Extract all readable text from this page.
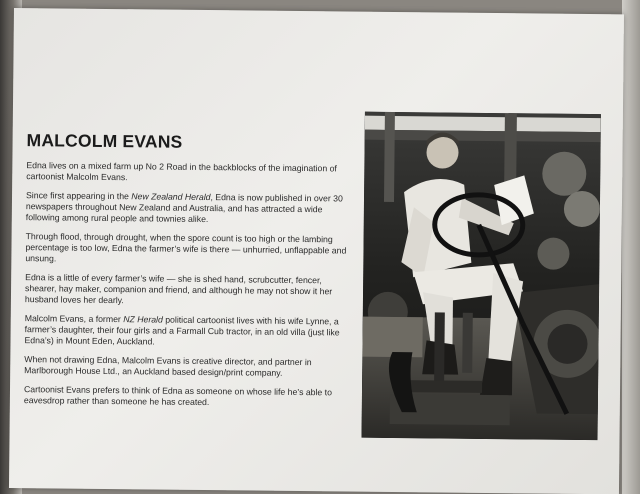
MALCOLM EVANS

Edna lives on a mixed farm up No 2 Road in the backblocks of the imagination of cartoonist Malcolm Evans.

Since first appearing in the New Zealand Herald, Edna is now published in over 30 newspapers throughout New Zealand and Australia, and has attracted a wide following among rural people and townies alike.

Through flood, through drought, when the spore count is too high or the lambing percentage is too low, Edna the farmer’s wife is there — unhurried, unflappable and unsung.

Edna is a little of every farmer’s wife — she is shed hand, scrubcutter, fencer, shearer, hay maker, companion and friend, and although he may not show it her husband loves her dearly.

Malcolm Evans, a former NZ Herald political cartoonist lives with his wife Lynne, a farmer’s daughter, their four girls and a Farmall Cub tractor, in an old villa (just like Edna’s) in Mount Eden, Auckland.

When not drawing Edna, Malcolm Evans is creative director, and partner in Marlborough House Ltd., an Auckland based design/print company.

Cartoonist Evans prefers to think of Edna as someone on whose life he’s able to eavesdrop rather than someone he has created.
